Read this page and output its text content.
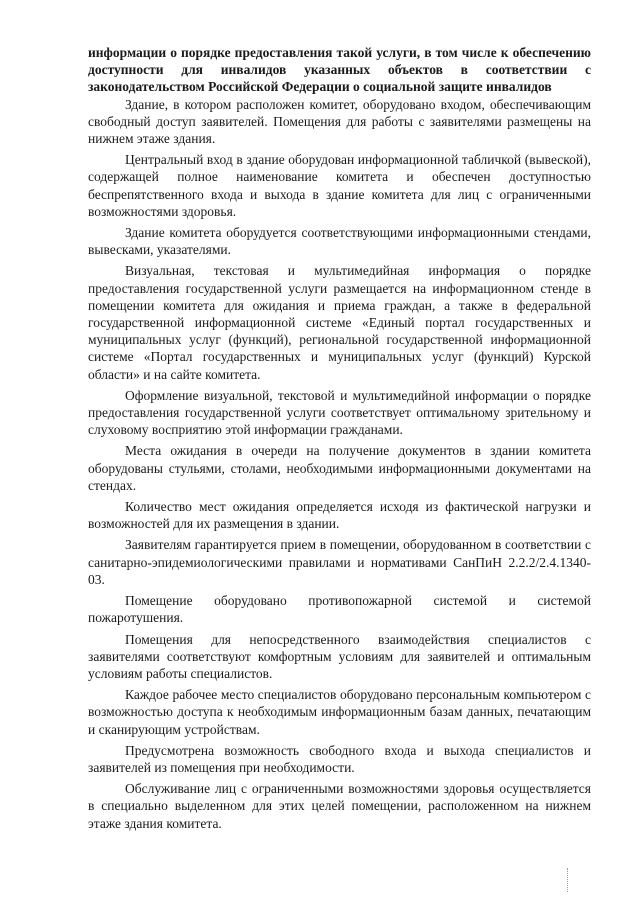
информации о порядке предоставления такой услуги, в том числе к обеспечению доступности для инвалидов указанных объектов в соответствии с законодательством Российской Федерации о социальной защите инвалидов

Здание, в котором расположен комитет, оборудовано входом, обеспечивающим свободный доступ заявителей. Помещения для работы с заявителями размещены на нижнем этаже здания.

Центральный вход в здание оборудован информационной табличкой (вывеской), содержащей полное наименование комитета и обеспечен доступностью беспрепятственного входа и выхода в здание комитета для лиц с ограниченными возможностями здоровья.

Здание комитета оборудуется соответствующими информационными стендами, вывесками, указателями.

Визуальная, текстовая и мультимедийная информация о порядке предоставления государственной услуги размещается на информационном стенде в помещении комитета для ожидания и приема граждан, а также в федеральной государственной информационной системе «Единый портал государственных и муниципальных услуг (функций), региональной государственной информационной системе «Портал государственных и муниципальных услуг (функций) Курской области» и на сайте комитета.

Оформление визуальной, текстовой и мультимедийной информации о порядке предоставления государственной услуги соответствует оптимальному зрительному и слуховому восприятию этой информации гражданами.

Места ожидания в очереди на получение документов в здании комитета оборудованы стульями, столами, необходимыми информационными документами на стендах.

Количество мест ожидания определяется исходя из фактической нагрузки и возможностей для их размещения в здании.

Заявителям гарантируется прием в помещении, оборудованном в соответствии с санитарно-эпидемиологическими правилами и нормативами СанПиН 2.2.2/2.4.1340-03.

Помещение оборудовано противопожарной системой и системой пожаротушения.

Помещения для непосредственного взаимодействия специалистов с заявителями соответствуют комфортным условиям для заявителей и оптимальным условиям работы специалистов.

Каждое рабочее место специалистов оборудовано персональным компьютером с возможностью доступа к необходимым информационным базам данных, печатающим и сканирующим устройствам.

Предусмотрена возможность свободного входа и выхода специалистов и заявителей из помещения при необходимости.

Обслуживание лиц с ограниченными возможностями здоровья осуществляется в специально выделенном для этих целей помещении, расположенном на нижнем этаже здания комитета.
